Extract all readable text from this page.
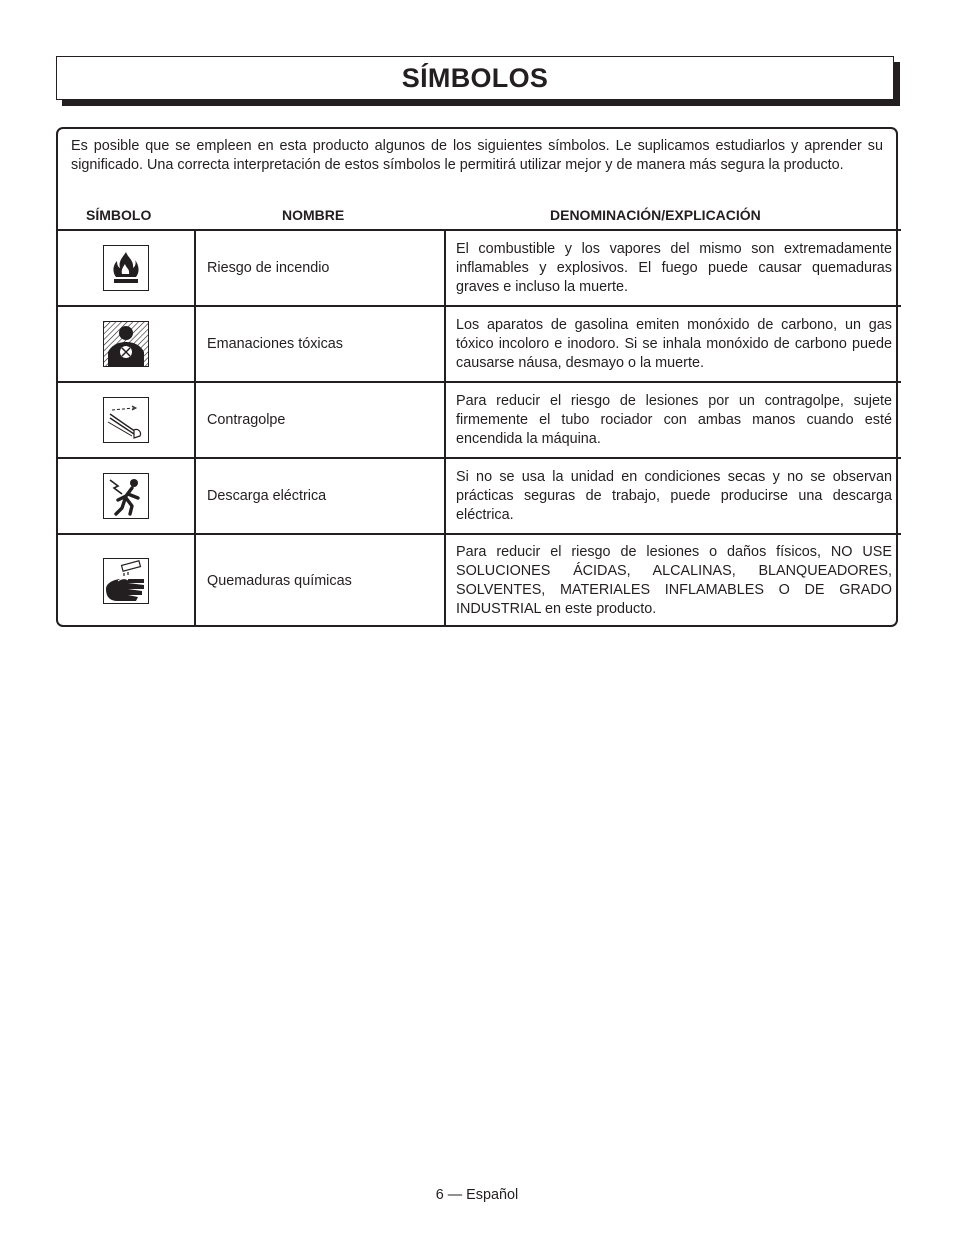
SÍMBOLOS
Es posible que se empleen en esta producto algunos de los siguientes símbolos. Le suplicamos estudiarlos y aprender su significado. Una correcta interpretación de estos símbolos le permitirá utilizar mejor y de manera más segura la producto.
SÍMBOLO	NOMBRE	DENOMINACIÓN/EXPLICACIÓN
	Riesgo de incendio	El combustible y los vapores del mismo son extremadamente inflamables y explosivos. El fuego puede causar quemaduras graves e incluso la muerte.

	Emanaciones tóxicas	Los aparatos de gasolina emiten monóxido de carbono, un gas tóxico incoloro e inodoro. Si se inhala monóxido de carbono puede causarse náusa, desmayo o la muerte.

	Contragolpe	Para reducir el riesgo de lesiones por un contragolpe, sujete firmemente el tubo rociador con ambas manos cuando esté encendida la máquina.

	Descarga eléctrica	Si no se usa la unidad en condiciones secas y no se observan prácticas seguras de trabajo, puede producirse una descarga eléctrica.

	Quemaduras químicas	Para reducir el riesgo de lesiones o daños físicos, NO USE SOLUCIONES ÁCIDAS, ALCALINAS, BLANQUEADORES, SOLVENTES, MATERIALES INFLAMABLES O DE GRADO INDUSTRIAL en este producto.
6 — Español
